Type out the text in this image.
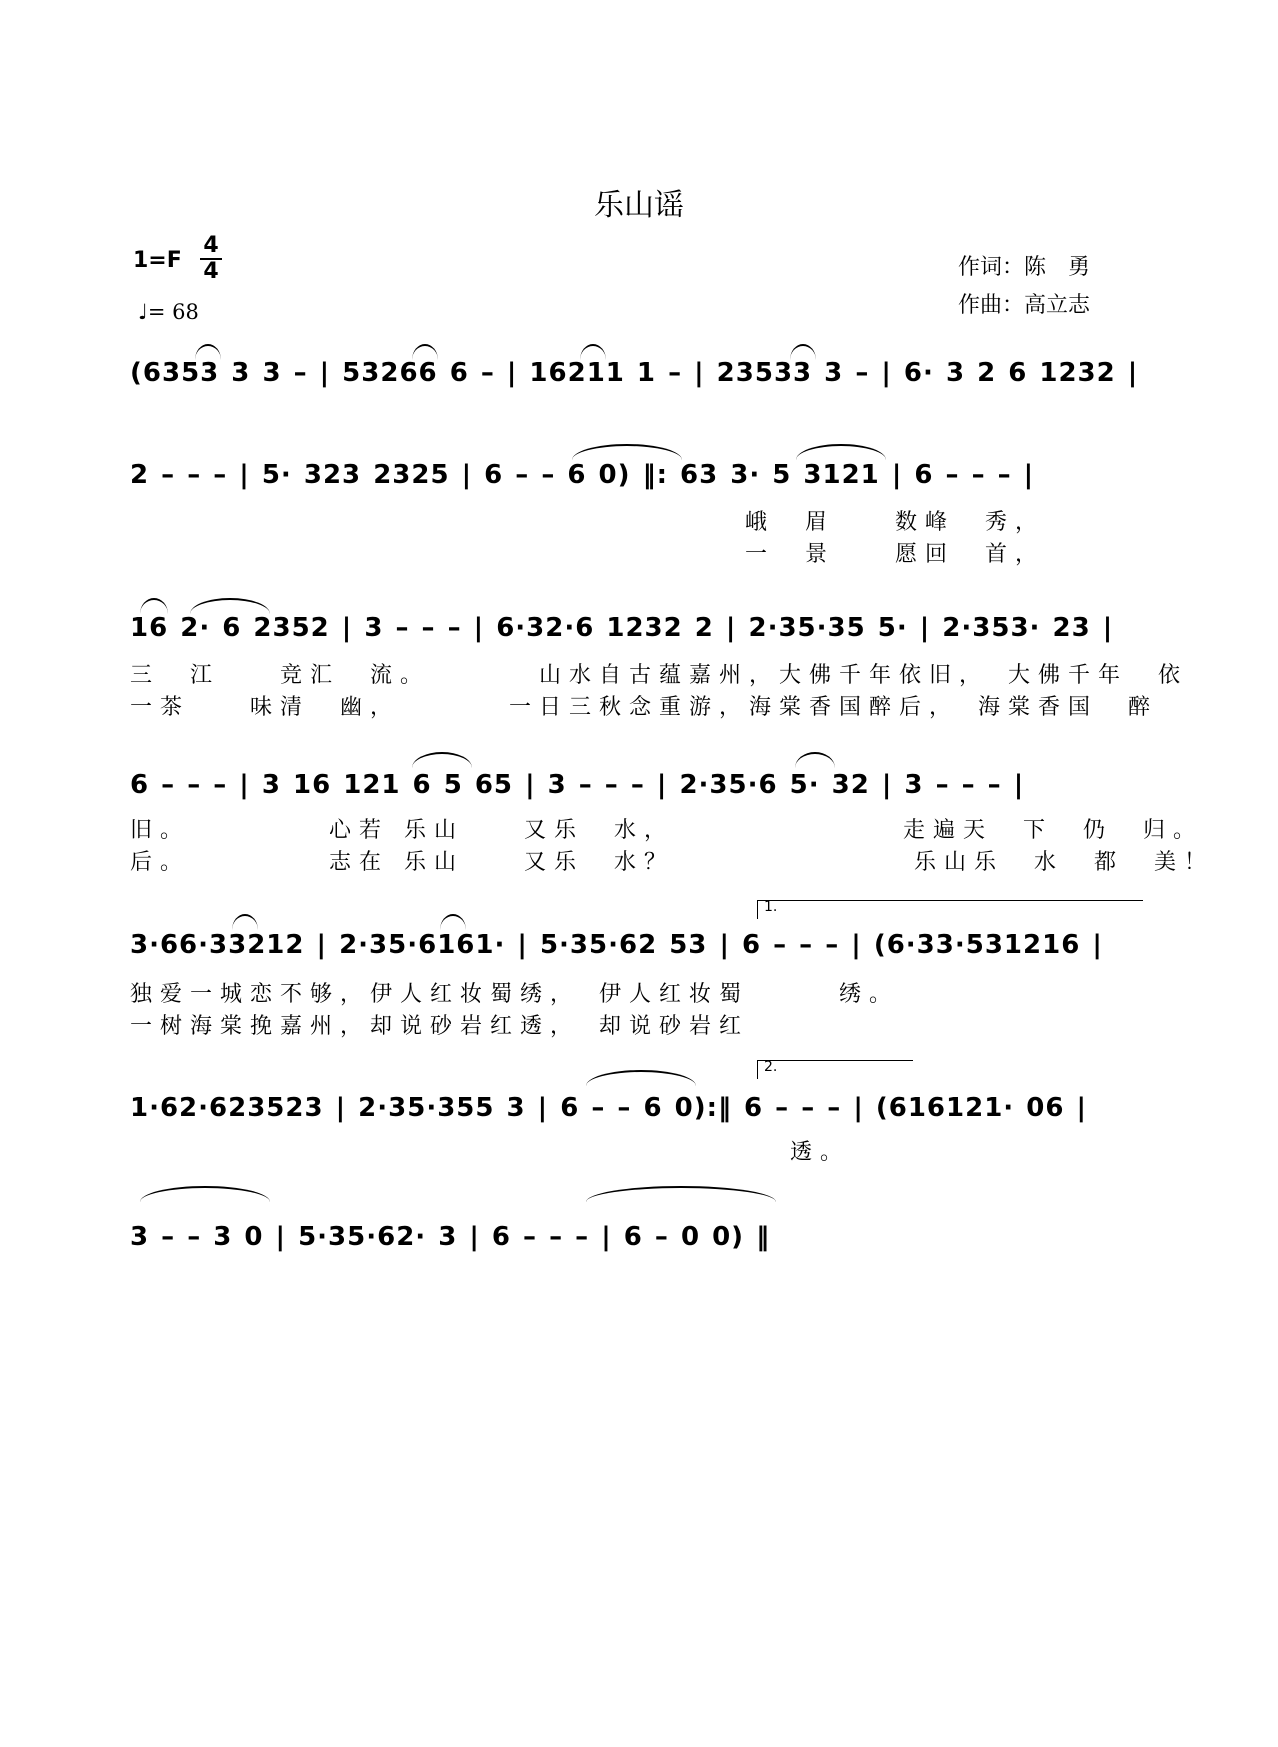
乐山谣
1=F
4
4
♩= 68
作词：陈　勇
作曲：高立志
(6353 3 3 – | 53266 6 – | 16211 1 – | 23533 3 – | 6· 3 2 6 1232 |
2 – – – | 5· 323 2325 | 6 – – 6 0) ‖: 63 3· 5 3121 | 6 – – – |
峨　眉　　数峰　秀，
一　景　　愿回　首，
16 2· 6 2352 | 3 – – – | 6·32·6 1232 2 | 2·35·35 5· | 2·353· 23 |
三　江　　竞汇　流。　　　　山水自古蕴嘉州，大佛千年依旧，　大佛千年　依
一茶　　味清　幽，　　　　一日三秋念重游，海棠香国醉后，　海棠香国　醉
6 – – – | 3 16 121 6 5 65 | 3 – – – | 2·35·6 5· 32 | 3 – – – |
旧。　　　　　心若 乐山　　又乐　水，　　　　　　　　走遍天　下　仍　归。
后。　　　　　志在 乐山　　又乐　水？　　　　　　　　乐山乐　水　都　美！
1.
3·66·33212 | 2·35·6161· | 5·35·62 53 | 6 – – – | (6·33·531216 |
独爱一城恋不够，伊人红妆蜀绣，　伊人红妆蜀　　　绣。
一树海棠挽嘉州，却说砂岩红透，　却说砂岩红
2.
1·62·623523 | 2·35·355 3 | 6 – – 6 0):‖ 6 – – – | (616121· 06 |
　　　　　　　　　　　　　　　　　　　　　　透。
3 – – 3 0 | 5·35·62· 3 | 6 – – – | 6 – 0 0) ‖
